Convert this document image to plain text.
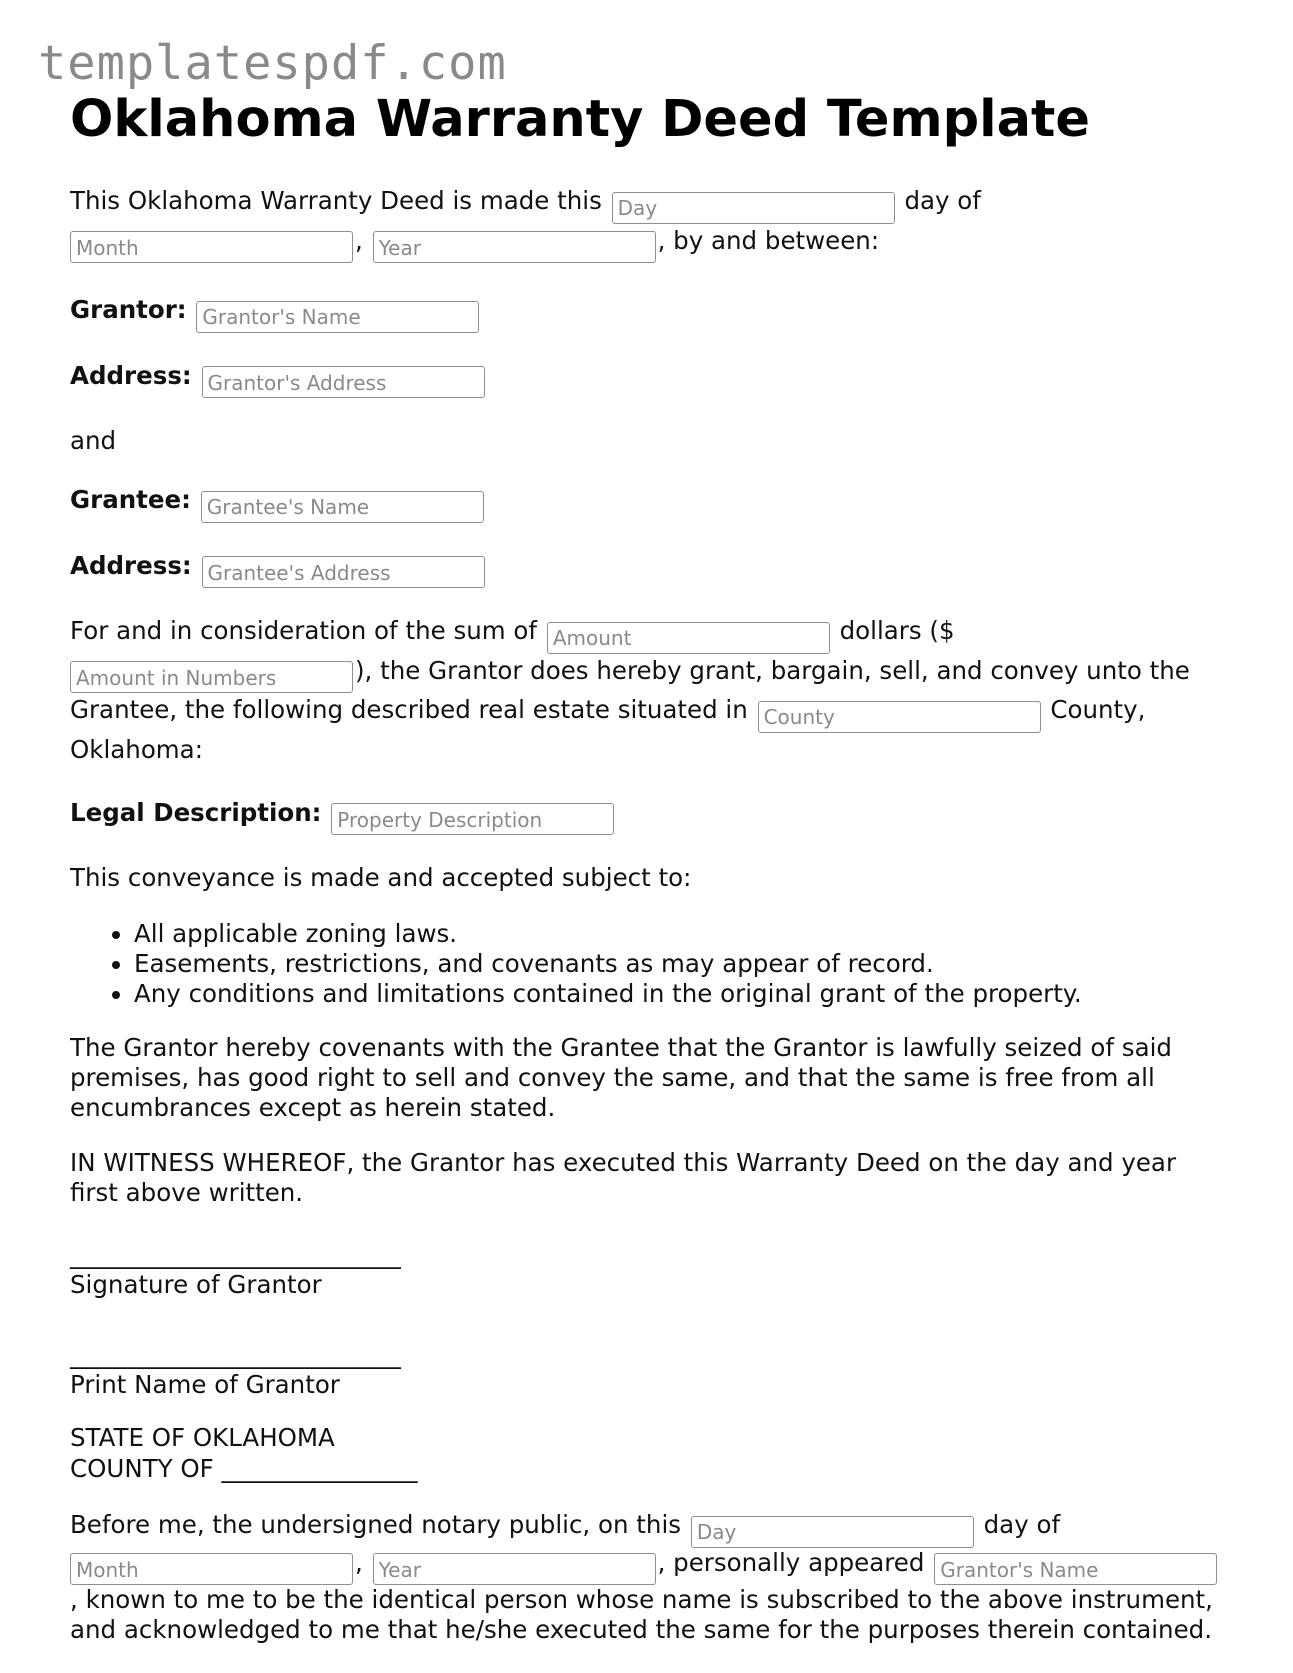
templatespdf.com
Oklahoma Warranty Deed Template

This Oklahoma Warranty Deed is made this Day	day of
Month, Year	, by and between:

Grantor: Grantor's Name

Address: Grantor's Address

and

Grantee: Grantee's Name

Address: Grantee's Address

For and in consideration of the sum of Amount	dollars ($
Amount in Numbers), the Grantor does hereby grant, bargain, sell, and convey unto the Grantee, the following described real estate situated in County	County, Oklahoma:

Legal Description: Property Description

This conveyance is made and accepted subject to:

• All applicable zoning laws.
• Easements, restrictions, and covenants as may appear of record.
• Any conditions and limitations contained in the original grant of the property.

The Grantor hereby covenants with the Grantee that the Grantor is lawfully seized of said premises, has good right to sell and convey the same, and that the same is free from all encumbrances except as herein stated.

IN WITNESS WHEREOF, the Grantor has executed this Warranty Deed on the day and year first above written.

___________________________
Signature of Grantor
___________________________
Print Name of Grantor
STATE OF OKLAHOMA
COUNTY OF ________________

Before me, the undersigned notary public, on this Day	day of
Month, Year	, personally appeared Grantor's Name
, known to me to be the identical person whose name is subscribed to the above instrument, and acknowledged to me that he/she executed the same for the purposes therein contained.
